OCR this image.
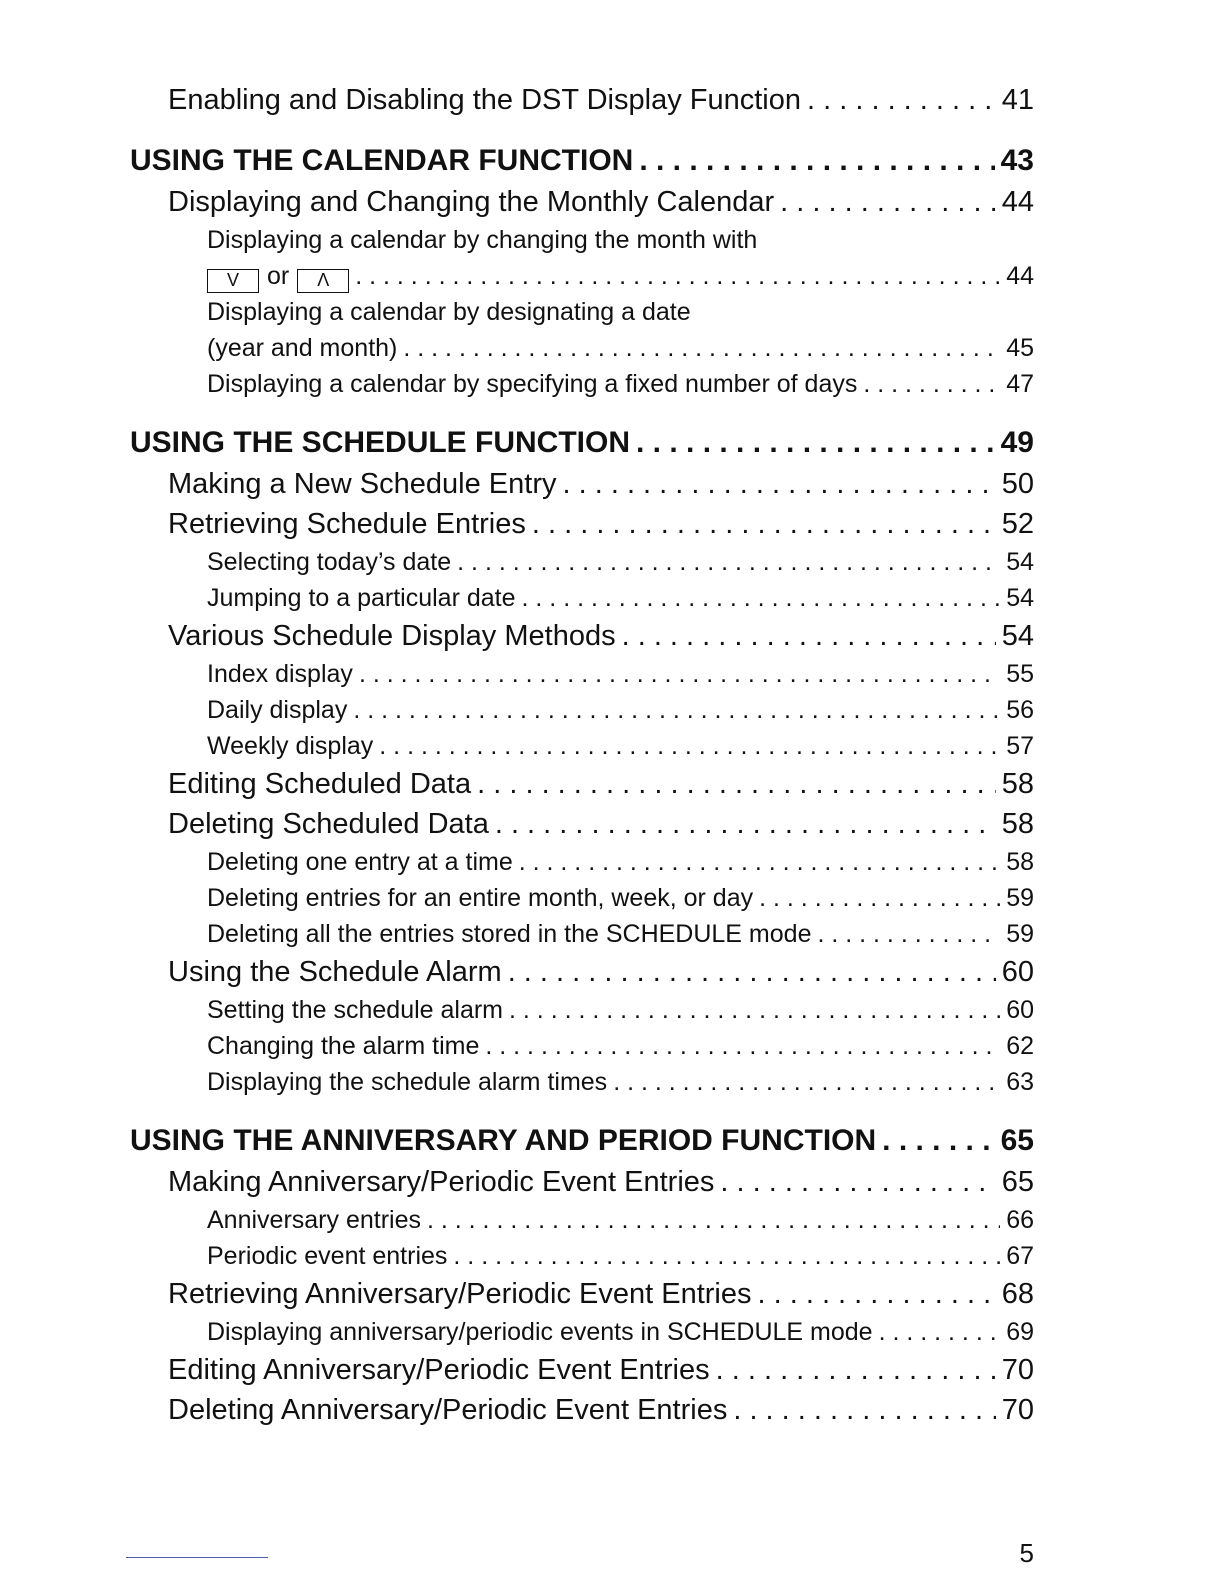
Enabling and Disabling the DST Display Function . . .	41
USING THE CALENDAR FUNCTION . . .	43
Displaying and Changing the Monthly Calendar . . .	44
Displaying a calendar by changing the month with
V or Λ . . .	44
Displaying a calendar by designating a date
(year and month) . . .	45
Displaying a calendar by specifying a fixed number of days . . .	47
USING THE SCHEDULE FUNCTION . . .	49
Making a New Schedule Entry . . .	50
Retrieving Schedule Entries . . .	52
Selecting today’s date . . .	54
Jumping to a particular date . . .	54
Various Schedule Display Methods . . .	54
Index display . . .	55
Daily display . . .	56
Weekly display . . .	57
Editing Scheduled Data . . .	58
Deleting Scheduled Data . . .	58
Deleting one entry at a time . . .	58
Deleting entries for an entire month, week, or day . . .	59
Deleting all the entries stored in the SCHEDULE mode . . .	59
Using the Schedule Alarm . . .	60
Setting the schedule alarm . . .	60
Changing the alarm time . . .	62
Displaying the schedule alarm times . . .	63
USING THE ANNIVERSARY AND PERIOD FUNCTION . . .	65
Making Anniversary/Periodic Event Entries . . .	65
Anniversary entries . . .	66
Periodic event entries . . .	67
Retrieving Anniversary/Periodic Event Entries . . .	68
Displaying anniversary/periodic events in SCHEDULE mode . . .	69
Editing Anniversary/Periodic Event Entries . . .	70
Deleting Anniversary/Periodic Event Entries . . .	70
5
